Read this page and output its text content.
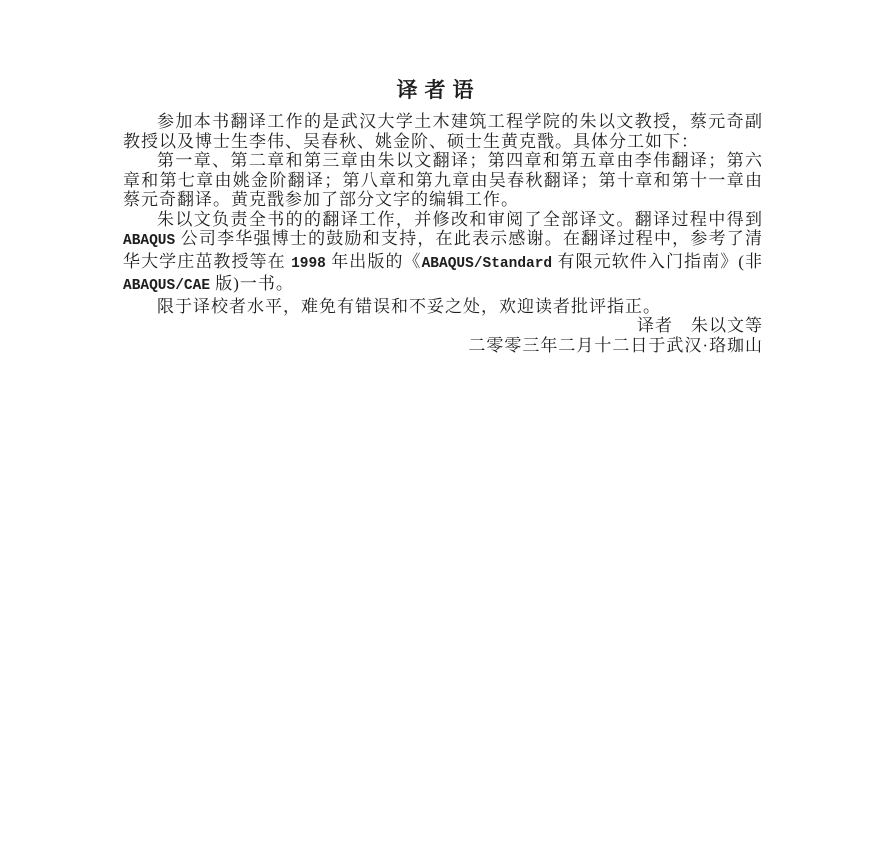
译者语

参加本书翻译工作的是武汉大学土木建筑工程学院的朱以文教授，蔡元奇副教授以及博士生李伟、吴春秋、姚金阶、硕士生黄克戬。具体分工如下：

第一章、第二章和第三章由朱以文翻译；第四章和第五章由李伟翻译；第六章和第七章由姚金阶翻译；第八章和第九章由吴春秋翻译；第十章和第十一章由蔡元奇翻译。黄克戬参加了部分文字的编辑工作。

朱以文负责全书的的翻译工作，并修改和审阅了全部译文。翻译过程中得到 ABAQUS 公司李华强博士的鼓励和支持，在此表示感谢。在翻译过程中，参考了清华大学庄茁教授等在 1998 年出版的《ABAQUS/Standard 有限元软件入门指南》(非 ABAQUS/CAE 版)一书。

限于译校者水平，难免有错误和不妥之处，欢迎读者批评指正。

译者　朱以文等
二零零三年二月十二日于武汉·珞珈山
